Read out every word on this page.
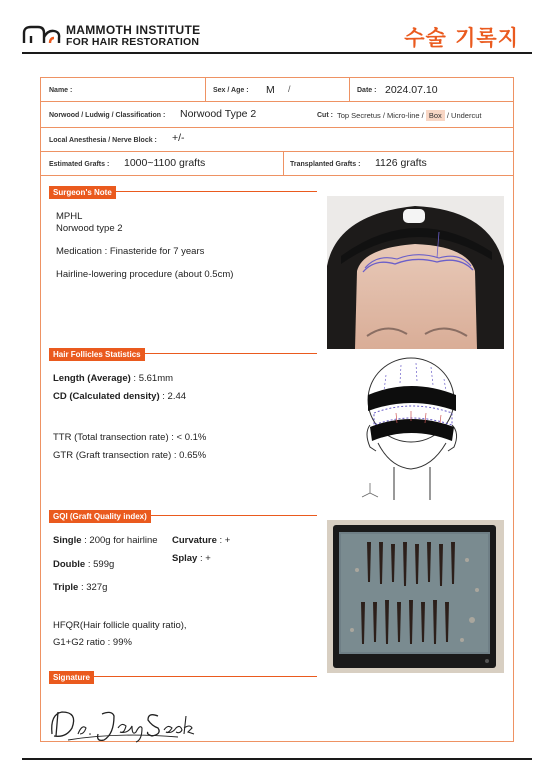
MAMMOTH INSTITUTE
FOR HAIR RESTORATION	수술 기록지
Name :	Sex / Age : M /	Date : 2024.07.10
Norwood / Ludwig / Classification : Norwood Type 2	Cut : Top Secretus / Micro-line / Box / Undercut
Local Anesthesia / Nerve Block : +/-
Estimated Grafts : 1000~1100 grafts	Transplanted Grafts : 1126 grafts
Surgeon's Note
MPHL
Norwood type 2
Medication : Finasteride for 7 years
Hairline-lowering procedure (about 0.5cm)
Hair Follicles Statistics
Length (Average) : 5.61mm
CD (Calculated density) : 2.44
TTR (Total transection rate) : < 0.1%
GTR (Graft transection rate) : 0.65%
GQI (Graft Quality index)
Single : 200g for hairline Curvature : +
Double : 599g
Splay : +
Triple : 327g
HFQR(Hair follicle quality ratio),
G1+G2 ratio : 99%
Signature
